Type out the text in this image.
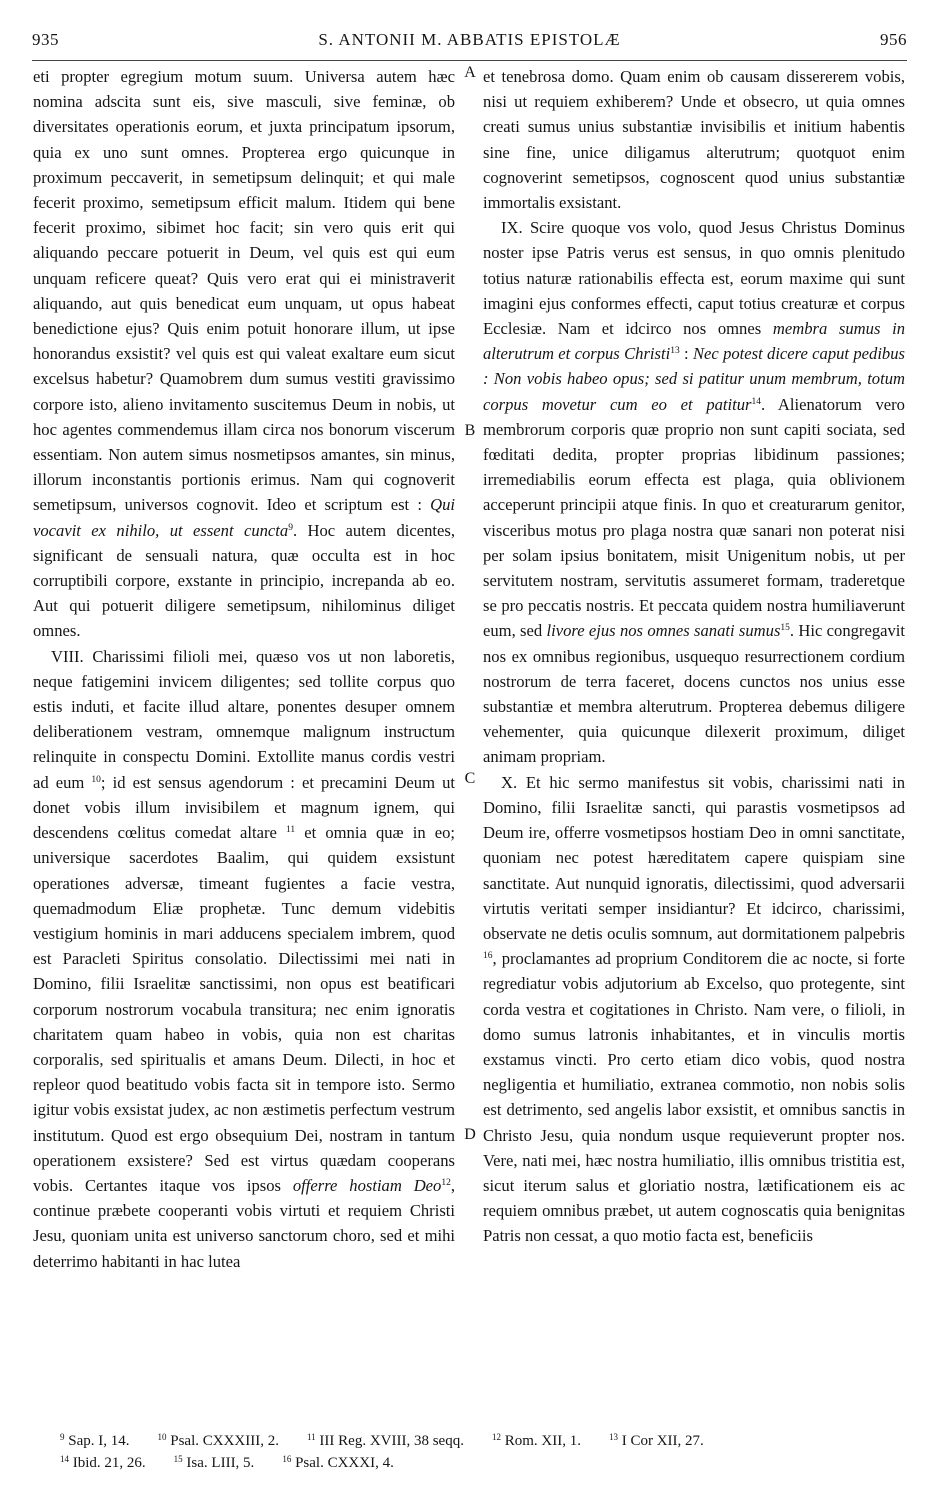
935	S. ANTONII M. ABBATIS EPISTOLÆ	956
A
B
C
D

eti propter egregium motum suum. Universa autem hæc nomina adscita sunt eis, sive masculi, sive feminæ, ob diversitates operationis eorum, et juxta principatum ipsorum, quia ex uno sunt omnes. Propterea ergo quicunque in proximum peccaverit, in semetipsum delinquit; et qui male fecerit proximo, semetipsum efficit malum. Itidem qui bene fecerit proximo, sibimet hoc facit; sin vero quis erit qui aliquando peccare potuerit in Deum, vel quis est qui eum unquam reficere queat? Quis vero erat qui ei ministraverit aliquando, aut quis benedicat eum unquam, ut opus habeat benedictione ejus? Quis enim potuit honorare illum, ut ipse honorandus exsistit? vel quis est qui valeat exaltare eum sicut excelsus habetur? Quamobrem dum sumus vestiti gravissimo corpore isto, alieno invitamento suscitemus Deum in nobis, ut hoc agentes commendemus illam circa nos bonorum viscerum essentiam. Non autem simus nosmetipsos amantes, sin minus, illorum inconstantis portionis erimus. Nam qui cognoverit semetipsum, universos cognovit. Ideo et scriptum est : Qui vocavit ex nihilo, ut essent cuncta$^9$. Hoc autem dicentes, significant de sensuali natura, quæ occulta est in hoc corruptibili corpore, exstante in principio, increpanda ab eo. Aut qui potuerit diligere semetipsum, nihilominus diliget omnes.

VIII. Charissimi filioli mei, quæso vos ut non laboretis, neque fatigemini invicem diligentes; sed tollite corpus quo estis induti, et facite illud altare, ponentes desuper omnem deliberationem vestram, omnemque malignum instructum relinquite in conspectu Domini. Extollite manus cordis vestri ad eum $^{10}$; id est sensus agendorum : et precamini Deum ut donet vobis illum invisibilem et magnum ignem, qui descendens cœlitus comedat altare $^{11}$ et omnia quæ in eo; universique sacerdotes Baalim, qui quidem exsistunt operationes adversæ, timeant fugientes a facie vestra, quemadmodum Eliæ prophetæ. Tunc demum videbitis vestigium hominis in mari adducens specialem imbrem, quod est Paracleti Spiritus consolatio. Dilectissimi mei nati in Domino, filii Israelitæ sanctissimi, non opus est beatificari corporum nostrorum vocabula transitura; nec enim ignoratis charitatem quam habeo in vobis, quia non est charitas corporalis, sed spiritualis et amans Deum. Dilecti, in hoc et repleor quod beatitudo vobis facta sit in tempore isto. Sermo igitur vobis exsistat judex, ac non æstimetis perfectum vestrum institutum. Quod est ergo obsequium Dei, nostram in tantum operationem exsistere? Sed est virtus quædam cooperans vobis. Certantes itaque vos ipsos offerre hostiam Deo$^{12}$, continue præbete cooperanti vobis virtuti et requiem Christi Jesu, quoniam unita est universo sanctorum choro, sed et mihi deterrimo habitanti in hac lutea

et tenebrosa domo. Quam enim ob causam dissererem vobis, nisi ut requiem exhiberem? Unde et obsecro, ut quia omnes creati sumus unius substantiæ invisibilis et initium habentis sine fine, unice diligamus alterutrum; quotquot enim cognoverint semetipsos, cognoscent quod unius substantiæ immortalis exsistant.

IX. Scire quoque vos volo, quod Jesus Christus Dominus noster ipse Patris verus est sensus, in quo omnis plenitudo totius naturæ rationabilis effecta est, eorum maxime qui sunt imagini ejus conformes effecti, caput totius creaturæ et corpus Ecclesiæ. Nam et idcirco nos omnes membra sumus in alterutrum et corpus Christi$^{13}$ : Nec potest dicere caput pedibus : Non vobis habeo opus; sed si patitur unum membrum, totum corpus movetur cum eo et patitur$^{14}$. Alienatorum vero membrorum corporis quæ proprio non sunt capiti sociata, sed fœditati dedita, propter proprias libidinum passiones; irremediabilis eorum effecta est plaga, quia oblivionem acceperunt principii atque finis. In quo et creaturarum genitor, visceribus motus pro plaga nostra quæ sanari non poterat nisi per solam ipsius bonitatem, misit Unigenitum nobis, ut per servitutem nostram, servitutis assumeret formam, traderetque se pro peccatis nostris. Et peccata quidem nostra humiliaverunt eum, sed livore ejus nos omnes sanati sumus$^{15}$. Hic congregavit nos ex omnibus regionibus, usquequo resurrectionem cordium nostrorum de terra faceret, docens cunctos nos unius esse substantiæ et membra alterutrum. Propterea debemus diligere vehementer, quia quicunque dilexerit proximum, diliget animam propriam.

X. Et hic sermo manifestus sit vobis, charissimi nati in Domino, filii Israelitæ sancti, qui parastis vosmetipsos ad Deum ire, offerre vosmetipsos hostiam Deo in omni sanctitate, quoniam nec potest hæreditatem capere quispiam sine sanctitate. Aut nunquid ignoratis, dilectissimi, quod adversarii virtutis veritati semper insidiantur? Et idcirco, charissimi, observate ne detis oculis somnum, aut dormitationem palpebris $^{16}$, proclamantes ad proprium Conditorem die ac nocte, si forte regrediatur vobis adjutorium ab Excelso, quo protegente, sint corda vestra et cogitationes in Christo. Nam vere, o filioli, in domo sumus latronis inhabitantes, et in vinculis mortis exstamus vincti. Pro certo etiam dico vobis, quod nostra negligentia et humiliatio, extranea commotio, non nobis solis est detrimento, sed angelis labor exsistit, et omnibus sanctis in Christo Jesu, quia nondum usque requieverunt propter nos. Vere, nati mei, hæc nostra humiliatio, illis omnibus tristitia est, sicut iterum salus et gloriatio nostra, lætificationem eis ac requiem omnibus præbet, ut autem cognoscatis quia benignitas Patris non cessat, a quo motio facta est, beneficiis

$^9$ Sap. I, 14.	$^{10}$ Psal. CXXXIII, 2.	$^{11}$ III Reg. XVIII, 38 seqq.	$^{12}$ Rom. XII, 1.	$^{13}$ I Cor XII, 27.
$^{14}$ Ibid. 21, 26.	$^{15}$ Isa. LIII, 5.	$^{16}$ Psal. CXXXI, 4.
